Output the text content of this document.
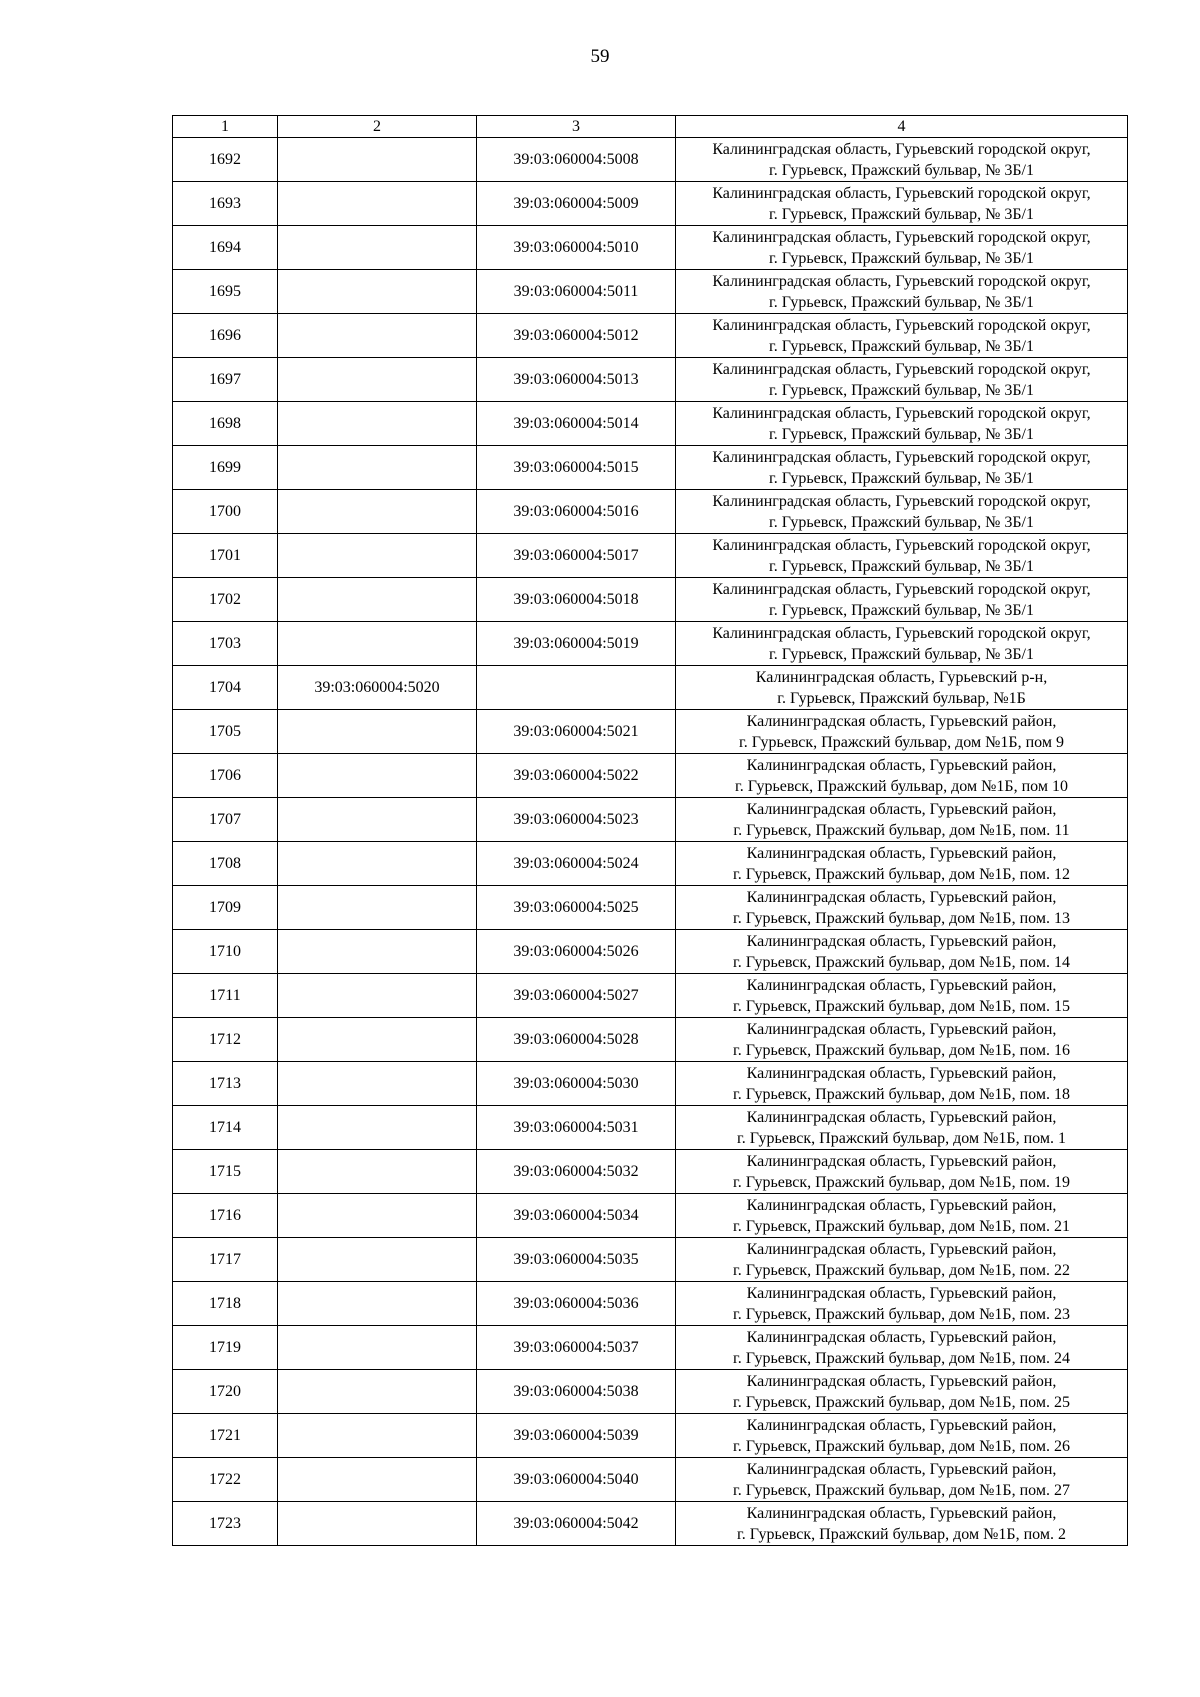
59
1	2	3	4
1692		39:03:060004:5008	Калининградская область, Гурьевский городской округ,
г. Гурьевск, Пражский бульвар, № 3Б/1

1693		39:03:060004:5009	Калининградская область, Гурьевский городской округ,
г. Гурьевск, Пражский бульвар, № 3Б/1

1694		39:03:060004:5010	Калининградская область, Гурьевский городской округ,
г. Гурьевск, Пражский бульвар, № 3Б/1

1695		39:03:060004:5011	Калининградская область, Гурьевский городской округ,
г. Гурьевск, Пражский бульвар, № 3Б/1

1696		39:03:060004:5012	Калининградская область, Гурьевский городской округ,
г. Гурьевск, Пражский бульвар, № 3Б/1

1697		39:03:060004:5013	Калининградская область, Гурьевский городской округ,
г. Гурьевск, Пражский бульвар, № 3Б/1

1698		39:03:060004:5014	Калининградская область, Гурьевский городской округ,
г. Гурьевск, Пражский бульвар, № 3Б/1

1699		39:03:060004:5015	Калининградская область, Гурьевский городской округ,
г. Гурьевск, Пражский бульвар, № 3Б/1

1700		39:03:060004:5016	Калининградская область, Гурьевский городской округ,
г. Гурьевск, Пражский бульвар, № 3Б/1

1701		39:03:060004:5017	Калининградская область, Гурьевский городской округ,
г. Гурьевск, Пражский бульвар, № 3Б/1

1702		39:03:060004:5018	Калининградская область, Гурьевский городской округ,
г. Гурьевск, Пражский бульвар, № 3Б/1

1703		39:03:060004:5019	Калининградская область, Гурьевский городской округ,
г. Гурьевск, Пражский бульвар, № 3Б/1

1704	39:03:060004:5020		Калининградская область, Гурьевский р-н,
г. Гурьевск, Пражский бульвар, №1Б

1705		39:03:060004:5021	Калининградская область, Гурьевский район,
г. Гурьевск, Пражский бульвар, дом №1Б, пом 9

1706		39:03:060004:5022	Калининградская область, Гурьевский район,
г. Гурьевск, Пражский бульвар, дом №1Б, пом 10

1707		39:03:060004:5023	Калининградская область, Гурьевский район,
г. Гурьевск, Пражский бульвар, дом №1Б, пом. 11

1708		39:03:060004:5024	Калининградская область, Гурьевский район,
г. Гурьевск, Пражский бульвар, дом №1Б, пом. 12

1709		39:03:060004:5025	Калининградская область, Гурьевский район,
г. Гурьевск, Пражский бульвар, дом №1Б, пом. 13

1710		39:03:060004:5026	Калининградская область, Гурьевский район,
г. Гурьевск, Пражский бульвар, дом №1Б, пом. 14

1711		39:03:060004:5027	Калининградская область, Гурьевский район,
г. Гурьевск, Пражский бульвар, дом №1Б, пом. 15

1712		39:03:060004:5028	Калининградская область, Гурьевский район,
г. Гурьевск, Пражский бульвар, дом №1Б, пом. 16

1713		39:03:060004:5030	Калининградская область, Гурьевский район,
г. Гурьевск, Пражский бульвар, дом №1Б, пом. 18

1714		39:03:060004:5031	Калининградская область, Гурьевский район,
г. Гурьевск, Пражский бульвар, дом №1Б, пом. 1

1715		39:03:060004:5032	Калининградская область, Гурьевский район,
г. Гурьевск, Пражский бульвар, дом №1Б, пом. 19

1716		39:03:060004:5034	Калининградская область, Гурьевский район,
г. Гурьевск, Пражский бульвар, дом №1Б, пом. 21

1717		39:03:060004:5035	Калининградская область, Гурьевский район,
г. Гурьевск, Пражский бульвар, дом №1Б, пом. 22

1718		39:03:060004:5036	Калининградская область, Гурьевский район,
г. Гурьевск, Пражский бульвар, дом №1Б, пом. 23

1719		39:03:060004:5037	Калининградская область, Гурьевский район,
г. Гурьевск, Пражский бульвар, дом №1Б, пом. 24

1720		39:03:060004:5038	Калининградская область, Гурьевский район,
г. Гурьевск, Пражский бульвар, дом №1Б, пом. 25

1721		39:03:060004:5039	Калининградская область, Гурьевский район,
г. Гурьевск, Пражский бульвар, дом №1Б, пом. 26

1722		39:03:060004:5040	Калининградская область, Гурьевский район,
г. Гурьевск, Пражский бульвар, дом №1Б, пом. 27

1723		39:03:060004:5042	Калининградская область, Гурьевский район,
г. Гурьевск, Пражский бульвар, дом №1Б, пом. 2
